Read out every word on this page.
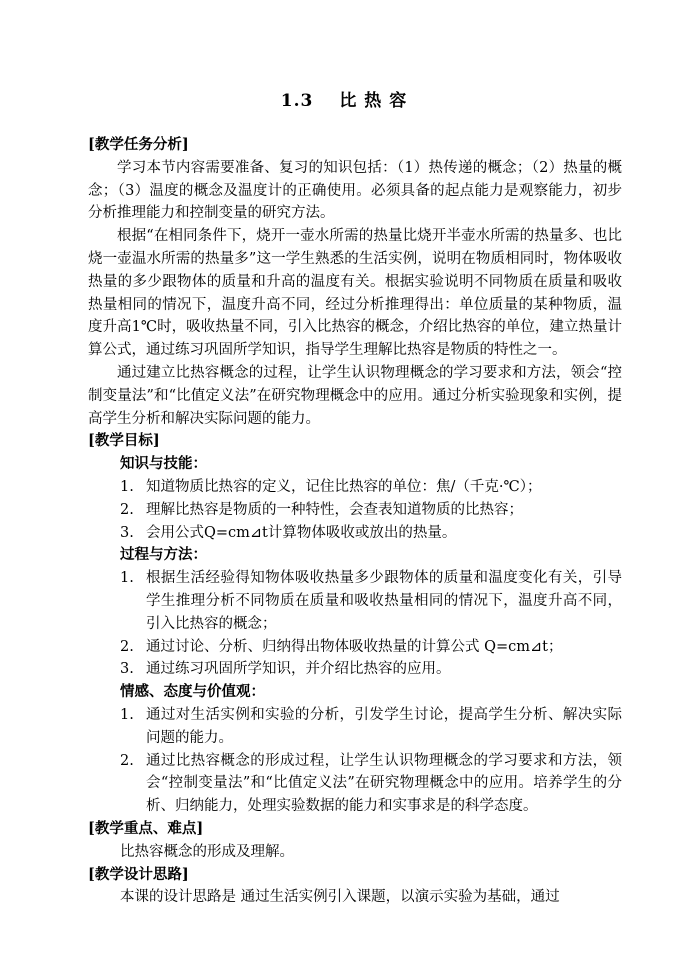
1.3 比 热 容

[教学任务分析]

学习本节内容需要准备、复习的知识包括：（1）热传递的概念；（2）热量的概念；（3）温度的概念及温度计的正确使用。必须具备的起点能力是观察能力，初步分析推理能力和控制变量的研究方法。

根据“在相同条件下，烧开一壶水所需的热量比烧开半壶水所需的热量多、也比烧一壶温水所需的热量多”这一学生熟悉的生活实例，说明在物质相同时，物体吸收热量的多少跟物体的质量和升高的温度有关。根据实验说明不同物质在质量和吸收热量相同的情况下，温度升高不同，经过分析推理得出：单位质量的某种物质，温度升高1℃时，吸收热量不同，引入比热容的概念，介绍比热容的单位，建立热量计算公式，通过练习巩固所学知识，指导学生理解比热容是物质的特性之一。

通过建立比热容概念的过程，让学生认识物理概念的学习要求和方法，领会“控制变量法”和“比值定义法”在研究物理概念中的应用。通过分析实验现象和实例，提高学生分析和解决实际问题的能力。

[教学目标]

知识与技能：

1. 知道物质比热容的定义，记住比热容的单位：焦/（千克·℃）；
2. 理解比热容是物质的一种特性，会查表知道物质的比热容；
3. 会用公式Q=cm⊿t计算物体吸收或放出的热量。

过程与方法：

1. 根据生活经验得知物体吸收热量多少跟物体的质量和温度变化有关，引导学生推理分析不同物质在质量和吸收热量相同的情况下，温度升高不同，引入比热容的概念；
2. 通过讨论、分析、归纳得出物体吸收热量的计算公式 Q=cm⊿t；
3. 通过练习巩固所学知识，并介绍比热容的应用。

情感、态度与价值观：

1. 通过对生活实例和实验的分析，引发学生讨论，提高学生分析、解决实际问题的能力。
2. 通过比热容概念的形成过程，让学生认识物理概念的学习要求和方法，领会“控制变量法”和“比值定义法”在研究物理概念中的应用。培养学生的分析、归纳能力，处理实验数据的能力和实事求是的科学态度。

[教学重点、难点]

比热容概念的形成及理解。

[教学设计思路]

本课的设计思路是 通过生活实例引入课题，以演示实验为基础，通过
